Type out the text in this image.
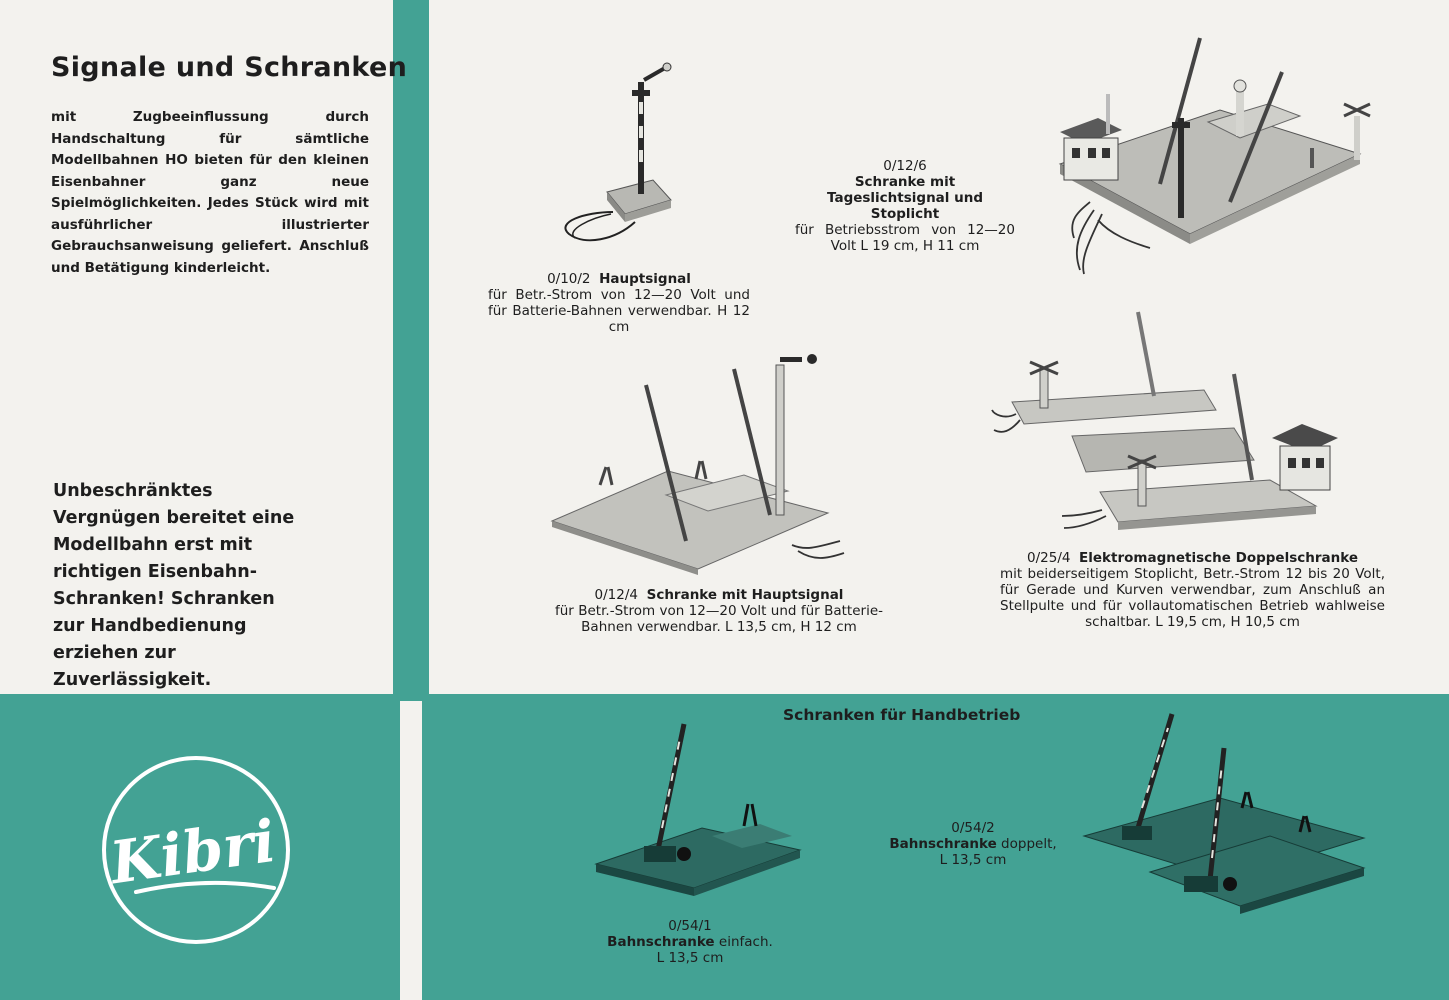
Signale und Schranken

mit Zugbeeinflussung durch Handschaltung für sämtliche Modellbahnen HO bieten für den kleinen Eisenbahner ganz neue Spielmöglichkeiten. Jedes Stück wird mit ausführlicher illustrierter Gebrauchsanweisung geliefert. Anschluß und Betätigung kinderleicht.

Unbeschränktes Vergnügen bereitet eine Modellbahn erst mit richtigen Eisenbahn-Schranken! Schranken zur Handbedienung erziehen zur Zuverlässigkeit.

Kibri
0/10/2 Hauptsignal
für Betr.-Strom von 12—20 Volt und für Batterie-Bahnen verwendbar. H 12 cm
0/12/6
Schranke mit Tageslichtsignal und Stoplicht
für Betriebsstrom von 12—20 Volt L 19 cm, H 11 cm
0/12/4 Schranke mit Hauptsignal
für Betr.-Strom von 12—20 Volt und für Batterie-Bahnen verwendbar. L 13,5 cm, H 12 cm
0/25/4 Elektromagnetische Doppelschranke
mit beiderseitigem Stoplicht, Betr.-Strom 12 bis 20 Volt, für Gerade und Kurven verwendbar, zum Anschluß an Stellpulte und für vollautomatischen Betrieb wahlweise schaltbar. L 19,5 cm, H 10,5 cm
Schranken für Handbetrieb
0/54/1
Bahnschranke einfach.
L 13,5 cm
0/54/2
Bahnschranke doppelt,
L 13,5 cm
